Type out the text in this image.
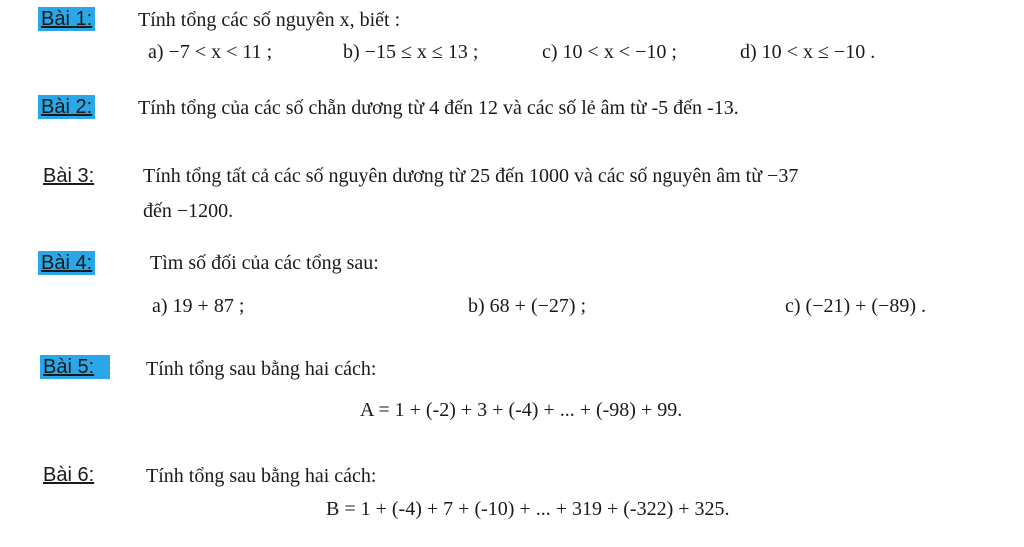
Bài 1: Tính tổng các số nguyên x, biết :
a) −7 < x < 11 ;	b) −15 ≤ x ≤ 13 ;	c) 10 < x < −10 ;	d) 10 < x ≤ −10 .
Bài 2: Tính tổng của các số chẵn dương từ 4 đến 12 và các số lẻ âm từ -5 đến -13.
Bài 3: Tính tổng tất cả các số nguyên dương từ 25 đến 1000 và các số nguyên âm từ −37
đến −1200.
Bài 4:	Tìm số đối của các tổng sau:
a) 19 + 87 ;	b) 68 + (−27) ;	c) (−21) + (−89) .
Bài 5:	Tính tổng sau bằng hai cách:
A = 1 + (-2) + 3 + (-4) + ... + (-98) + 99.
Bài 6:	Tính tổng sau bằng hai cách:
B = 1 + (-4) + 7 + (-10) + ... + 319 + (-322) + 325.
